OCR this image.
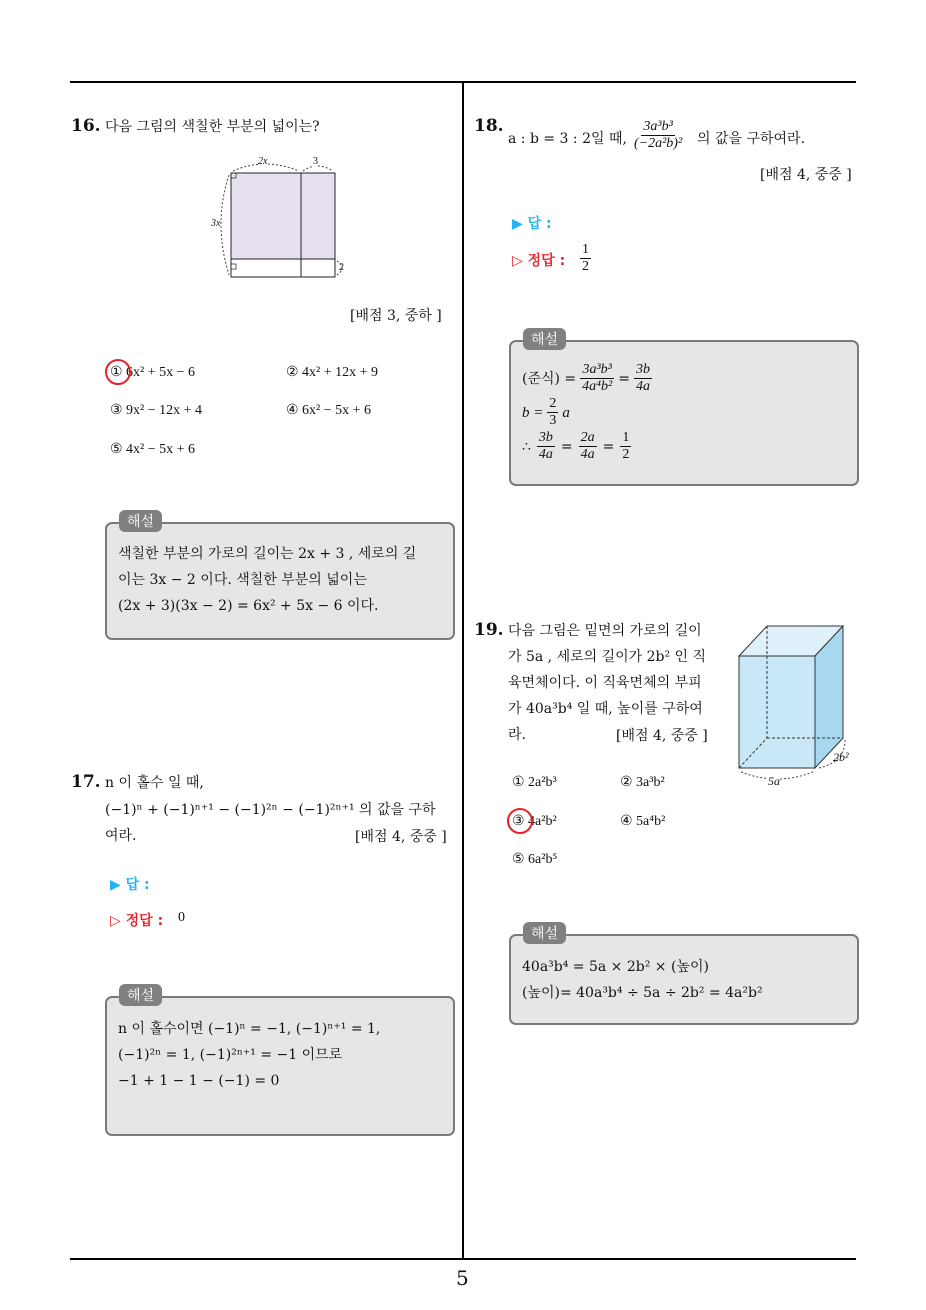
5
16. 다음 그림의 색칠한 부분의 넓이는?
2x	3
3x
2
[배점 3, 중하 ]
① 6x² + 5x − 6	② 4x² + 12x + 9
③ 9x² − 12x + 4	④ 6x² − 5x + 6
⑤ 4x² − 5x + 6
해설
색칠한 부분의 가로의 길이는 2x + 3 , 세로의 길
이는 3x − 2 이다. 색칠한 부분의 넓이는
(2x + 3)(3x − 2) = 6x² + 5x − 6 이다.
17. n 이 홀수 일 때,
(−1)ⁿ + (−1)ⁿ⁺¹ − (−1)²ⁿ − (−1)²ⁿ⁺¹ 의 값을 구하
여라.	[배점 4, 중중 ]
▶ 답 :
▷ 정답 : 0
해설
n 이 홀수이면 (−1)ⁿ = −1, (−1)ⁿ⁺¹ = 1,
(−1)²ⁿ = 1, (−1)²ⁿ⁺¹ = −1 이므로
−1 + 1 − 1 − (−1) = 0
18.
a : b = 3 : 2일 때, $\frac{\text{3a³b³}}{\text{(−2a²b)²}}$ 의 값을 구하여라.
[배점 4, 중중 ]
▶ 답 :
▷ 정답 : $\frac{1}{2}$
해설
(준식) = $\frac{\text{3a³b³}}{\text{4a⁴b²}} = \frac{3b}{4a}$
$b = \frac{2}{3}$ a
∴ $\frac{3b}{4a} = \frac{2a}{4a} = \frac{1}{2}$
19. 다음 그림은 밑면의 가로의 길이
가 5a , 세로의 길이가 2b² 인 직
육면체이다. 이 직육면체의 부피
가 40a³b⁴ 일 때, 높이를 구하여
라.	[배점 4, 중중 ]
5a
2b²
① 2a²b³	② 3a³b²
③ 4a²b²	④ 5a⁴b²
⑤ 6a²b⁵
해설
40a³b⁴ = 5a × 2b² × (높이)
(높이)= 40a³b⁴ ÷ 5a ÷ 2b² = 4a²b²
